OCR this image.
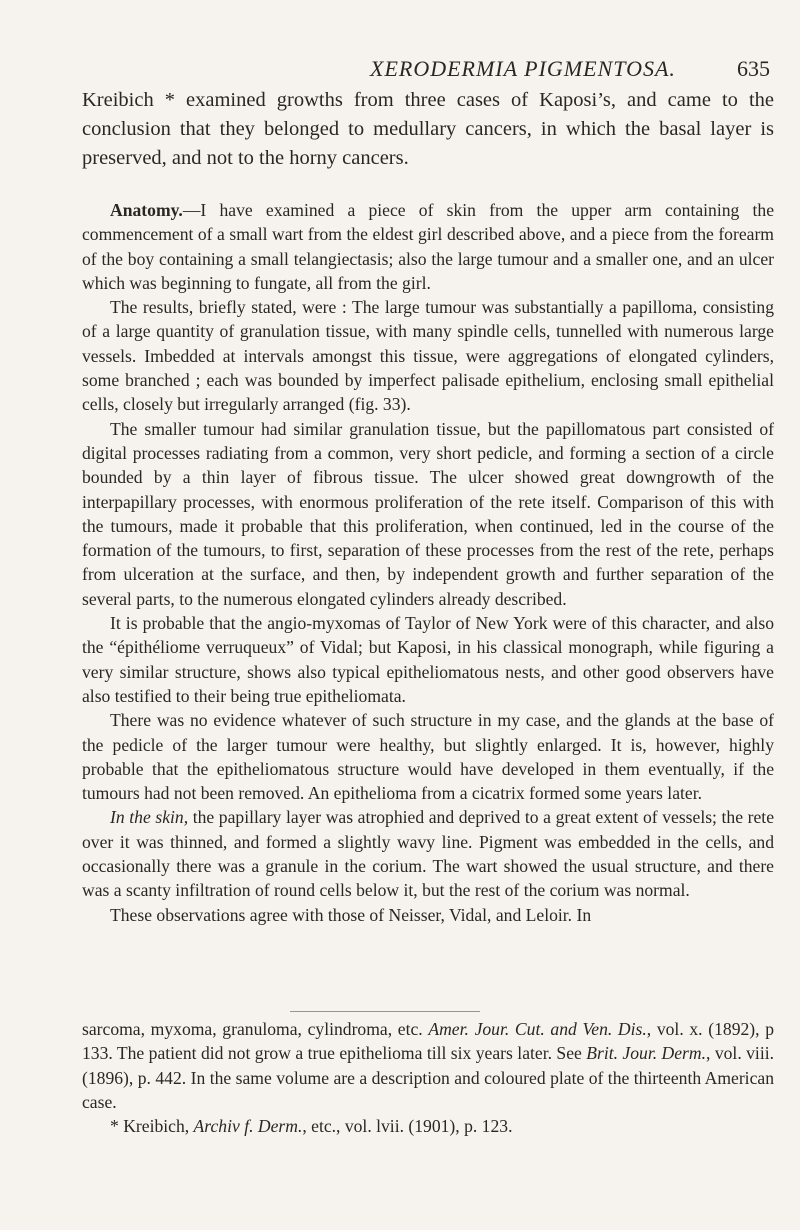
XERODERMIA PIGMENTOSA.	635

Kreibich * examined growths from three cases of Kaposi’s, and came to the conclusion that they belonged to medullary cancers, in which the basal layer is preserved, and not to the horny cancers.

Anatomy.—I have examined a piece of skin from the upper arm containing the commencement of a small wart from the eldest girl described above, and a piece from the forearm of the boy containing a small telangiectasis; also the large tumour and a smaller one, and an ulcer which was beginning to fungate, all from the girl.

The results, briefly stated, were : The large tumour was substantially a papilloma, consisting of a large quantity of granulation tissue, with many spindle cells, tunnelled with numerous large vessels. Imbedded at intervals amongst this tissue, were aggregations of elongated cylinders, some branched ; each was bounded by imperfect palisade epithelium, enclosing small epithelial cells, closely but irregularly arranged (fig. 33).

The smaller tumour had similar granulation tissue, but the papillomatous part consisted of digital processes radiating from a common, very short pedicle, and forming a section of a circle bounded by a thin layer of fibrous tissue. The ulcer showed great downgrowth of the interpapillary processes, with enormous proliferation of the rete itself. Comparison of this with the tumours, made it probable that this proliferation, when continued, led in the course of the formation of the tumours, to first, separation of these processes from the rest of the rete, perhaps from ulceration at the surface, and then, by independent growth and further separation of the several parts, to the numerous elongated cylinders already described.

It is probable that the angio-myxomas of Taylor of New York were of this character, and also the “épithéliome verruqueux” of Vidal; but Kaposi, in his classical monograph, while figuring a very similar structure, shows also typical epitheliomatous nests, and other good observers have also testified to their being true epitheliomata.

There was no evidence whatever of such structure in my case, and the glands at the base of the pedicle of the larger tumour were healthy, but slightly enlarged. It is, however, highly probable that the epitheliomatous structure would have developed in them eventually, if the tumours had not been removed. An epithelioma from a cicatrix formed some years later.

In the skin, the papillary layer was atrophied and deprived to a great extent of vessels; the rete over it was thinned, and formed a slightly wavy line. Pigment was embedded in the cells, and occasionally there was a granule in the corium. The wart showed the usual structure, and there was a scanty infiltration of round cells below it, but the rest of the corium was normal.

These observations agree with those of Neisser, Vidal, and Leloir. In

sarcoma, myxoma, granuloma, cylindroma, etc. Amer. Jour. Cut. and Ven. Dis., vol. x. (1892), p 133. The patient did not grow a true epithelioma till six years later. See Brit. Jour. Derm., vol. viii. (1896), p. 442. In the same volume are a description and coloured plate of the thirteenth American case.

* Kreibich, Archiv f. Derm., etc., vol. lvii. (1901), p. 123.
